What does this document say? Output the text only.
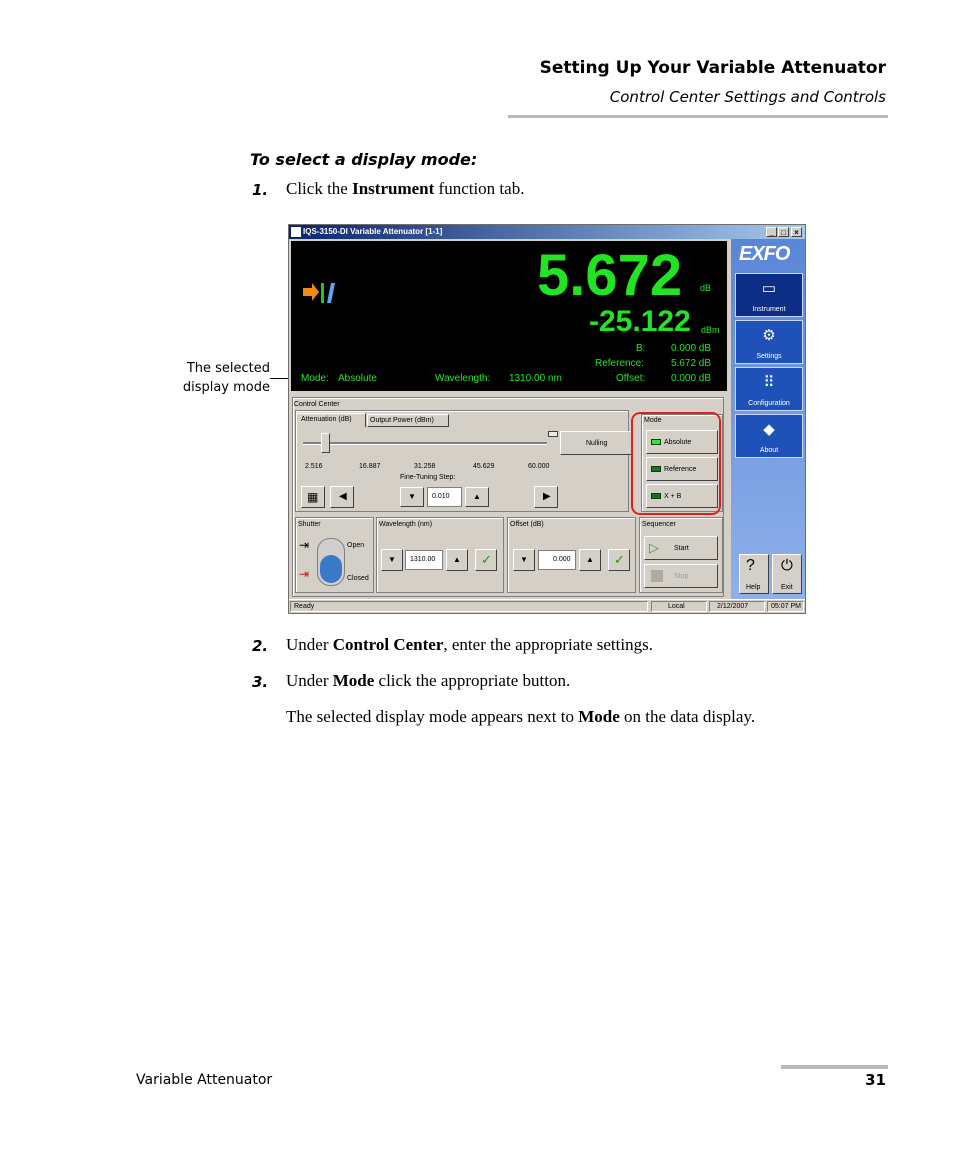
Setting Up Your Variable Attenuator
Control Center Settings and Controls
To select a display mode:
1. Click the Instrument function tab.
The selected
display mode
IQS-3150-DI Variable Attenuator [1-1]	_ □	×
5.672 dB
-25.122 dBm
B:	0.000 dB
Reference:	5.672 dB
Offset:	0.000 dB
Mode: Absolute	Wavelength: 1310.00 nm
EXFO
▭
Instrument
⚙
Settings
⠿
Configuration
◆
About
?
Help
⏻
Exit
Control Center
Attenuation (dB)	Output Power (dBm)
2.516	16.887	31.258	45.629	60.000
Fine-Tuning Step:
▦ ◀	▼	0.010	▲	▶
Nulling
Mode
Absolute
Reference
X + B
Shutter
⇥
⇥
Open
Closed
Wavelength (nm)
▼	1310.00	▲ ✓
Offset (dB)
▼	0.000	▲ ✓
Sequencer
▷ Start
Stop
Ready	Local	2/12/2007	05:07 PM
2. Under Control Center, enter the appropriate settings.
3. Under Mode click the appropriate button.
The selected display mode appears next to Mode on the data display.
Variable Attenuator	31
